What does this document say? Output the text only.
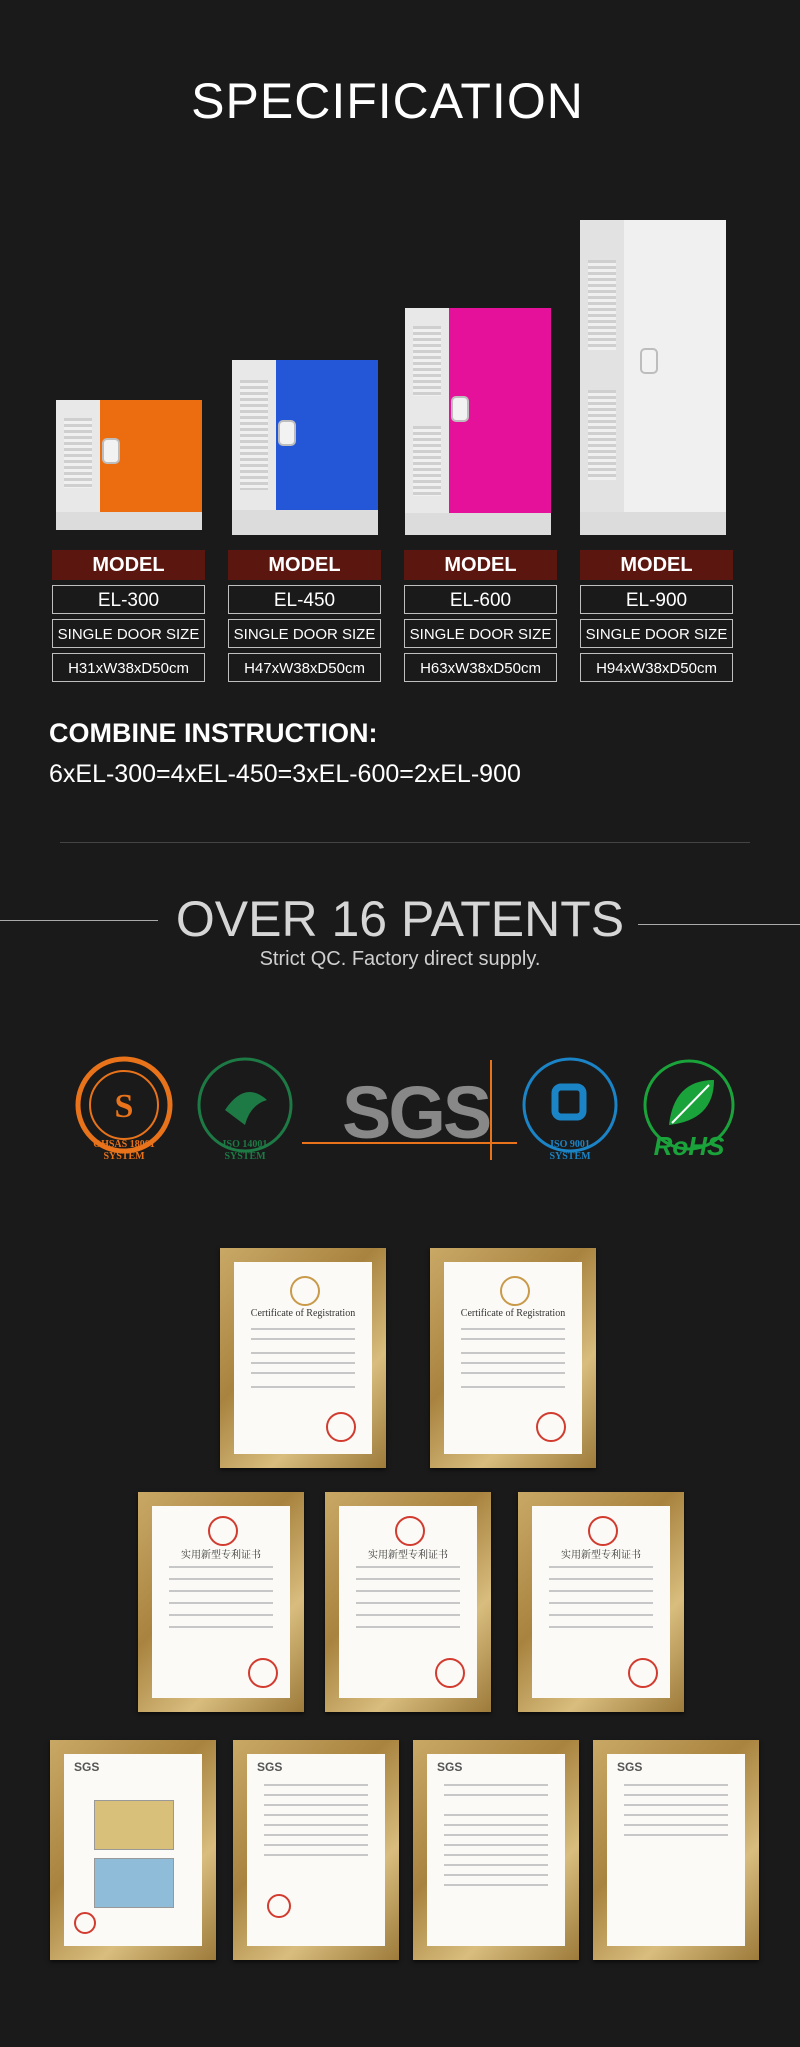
SPECIFICATION
MODEL
EL-300
SINGLE DOOR SIZE
H31xW38xD50cm
MODEL
EL-450
SINGLE DOOR SIZE
H47xW38xD50cm
MODEL
EL-600
SINGLE DOOR SIZE
H63xW38xD50cm
MODEL
EL-900
SINGLE DOOR SIZE
H94xW38xD50cm
COMBINE INSTRUCTION:
6xEL-300=4xEL-450=3xEL-600=2xEL-900
OVER 16 PATENTS
Strict QC. Factory direct supply.
S
OHSAS 18001
SYSTEM
ISO 14001
SYSTEM
SGS	ISO 9001
SYSTEM	RoHS
Certificate of Registration	Certificate of Registration
实用新型专利证书	实用新型专利证书	实用新型专利证书
SGS	SGS	SGS	SGS
